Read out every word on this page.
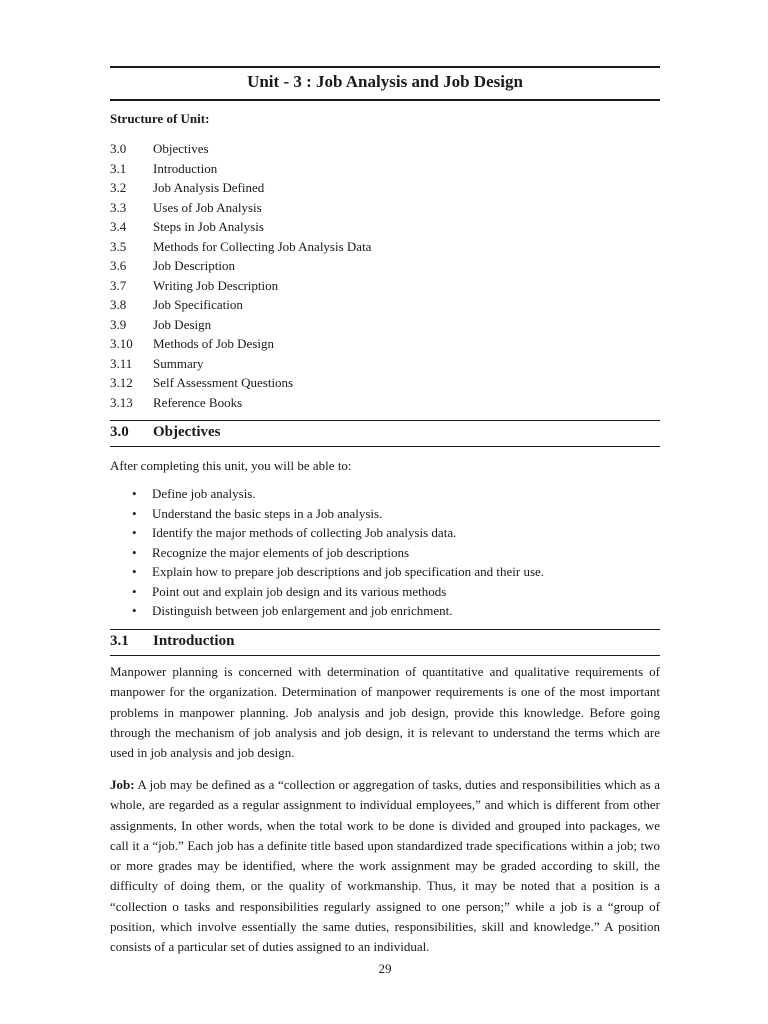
Unit - 3 : Job Analysis and Job Design
Structure of Unit:
3.0 Objectives
3.1 Introduction
3.2 Job Analysis Defined
3.3 Uses of Job Analysis
3.4 Steps in Job Analysis
3.5 Methods for Collecting Job Analysis Data
3.6 Job Description
3.7 Writing Job Description
3.8 Job Specification
3.9 Job Design
3.10 Methods of Job Design
3.11 Summary
3.12 Self Assessment Questions
3.13 Reference Books
3.0 Objectives
After completing this unit, you will be able to:
• Define job analysis.
• Understand the basic steps in a Job analysis.
• Identify the major methods of collecting Job analysis data.
• Recognize the major elements of job descriptions
• Explain how to prepare job descriptions and job specification and their use.
• Point out and explain job design and its various methods
• Distinguish between job enlargement and job enrichment.
3.1 Introduction

Manpower planning is concerned with determination of quantitative and qualitative requirements of manpower for the organization. Determination of manpower requirements is one of the most important problems in manpower planning. Job analysis and job design, provide this knowledge. Before going through the mechanism of job analysis and job design, it is relevant to understand the terms which are used in job analysis and job design.

Job: A job may be defined as a “collection or aggregation of tasks, duties and responsibilities which as a whole, are regarded as a regular assignment to individual employees,” and which is different from other assignments, In other words, when the total work to be done is divided and grouped into packages, we call it a “job.” Each job has a definite title based upon standardized trade specifications within a job; two or more grades may be identified, where the work assignment may be graded according to skill, the difficulty of doing them, or the quality of workmanship. Thus, it may be noted that a position is a “collection o tasks and responsibilities regularly assigned to one person;” while a job is a “group of position, which involve essentially the same duties, responsibilities, skill and knowledge.” A position consists of a particular set of duties assigned to an individual.

29
